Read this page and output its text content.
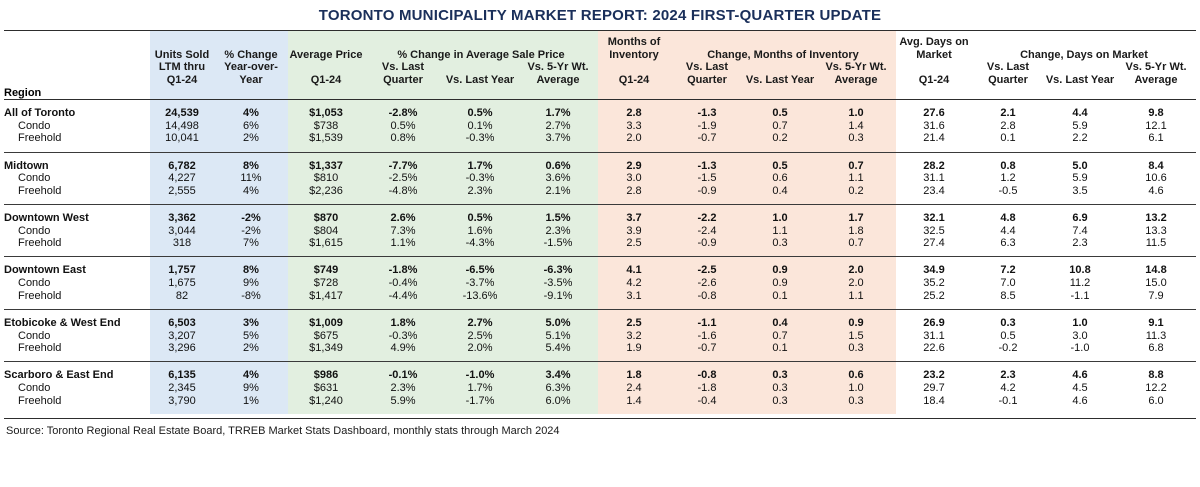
TORONTO MUNICIPALITY MARKET REPORT: 2024 FIRST-QUARTER UPDATE

	Units Sold	% Change	Average Price	% Change in Average Sale Price			Months of Inventory	Change, Months of Inventory			Avg. Days on Market	Change, Days on Market		
	LTM thru Q1-24	Year-over-Year	Q1-24	Vs. Last Quarter	Vs. Last Year	Vs. 5-Yr Wt. Average	Q1-24	Vs. Last Quarter	Vs. Last Year	Vs. 5-Yr Wt. Average	Q1-24	Vs. Last Quarter	Vs. Last Year	Vs. 5-Yr Wt. Average
Region														

All of Toronto	24,539	4%	$1,053	-2.8%	0.5%	1.7%	2.8	-1.3	0.5	1.0	27.6	2.1	4.4	9.8
Condo	14,498	6%	$738	0.5%	0.1%	2.7%	3.3	-1.9	0.7	1.4	31.6	2.8	5.9	12.1
Freehold	10,041	2%	$1,539	0.8%	-0.3%	3.7%	2.0	-0.7	0.2	0.3	21.4	0.1	2.2	6.1

Midtown	6,782	8%	$1,337	-7.7%	1.7%	0.6%	2.9	-1.3	0.5	0.7	28.2	0.8	5.0	8.4
Condo	4,227	11%	$810	-2.5%	-0.3%	3.6%	3.0	-1.5	0.6	1.1	31.1	1.2	5.9	10.6
Freehold	2,555	4%	$2,236	-4.8%	2.3%	2.1%	2.8	-0.9	0.4	0.2	23.4	-0.5	3.5	4.6

Downtown West	3,362	-2%	$870	2.6%	0.5%	1.5%	3.7	-2.2	1.0	1.7	32.1	4.8	6.9	13.2
Condo	3,044	-2%	$804	7.3%	1.6%	2.3%	3.9	-2.4	1.1	1.8	32.5	4.4	7.4	13.3
Freehold	318	7%	$1,615	1.1%	-4.3%	-1.5%	2.5	-0.9	0.3	0.7	27.4	6.3	2.3	11.5

Downtown East	1,757	8%	$749	-1.8%	-6.5%	-6.3%	4.1	-2.5	0.9	2.0	34.9	7.2	10.8	14.8
Condo	1,675	9%	$728	-0.4%	-3.7%	-3.5%	4.2	-2.6	0.9	2.0	35.2	7.0	11.2	15.0
Freehold	82	-8%	$1,417	-4.4%	-13.6%	-9.1%	3.1	-0.8	0.1	1.1	25.2	8.5	-1.1	7.9

Etobicoke & West End	6,503	3%	$1,009	1.8%	2.7%	5.0%	2.5	-1.1	0.4	0.9	26.9	0.3	1.0	9.1
Condo	3,207	5%	$675	-0.3%	2.5%	5.1%	3.2	-1.6	0.7	1.5	31.1	0.5	3.0	11.3
Freehold	3,296	2%	$1,349	4.9%	2.0%	5.4%	1.9	-0.7	0.1	0.3	22.6	-0.2	-1.0	6.8

Scarboro & East End	6,135	4%	$986	-0.1%	-1.0%	3.4%	1.8	-0.8	0.3	0.6	23.2	2.3	4.6	8.8
Condo	2,345	9%	$631	2.3%	1.7%	6.3%	2.4	-1.8	0.3	1.0	29.7	4.2	4.5	12.2
Freehold	3,790	1%	$1,240	5.9%	-1.7%	6.0%	1.4	-0.4	0.3	0.3	18.4	-0.1	4.6	6.0

Source: Toronto Regional Real Estate Board, TRREB Market Stats Dashboard, monthly stats through March 2024
